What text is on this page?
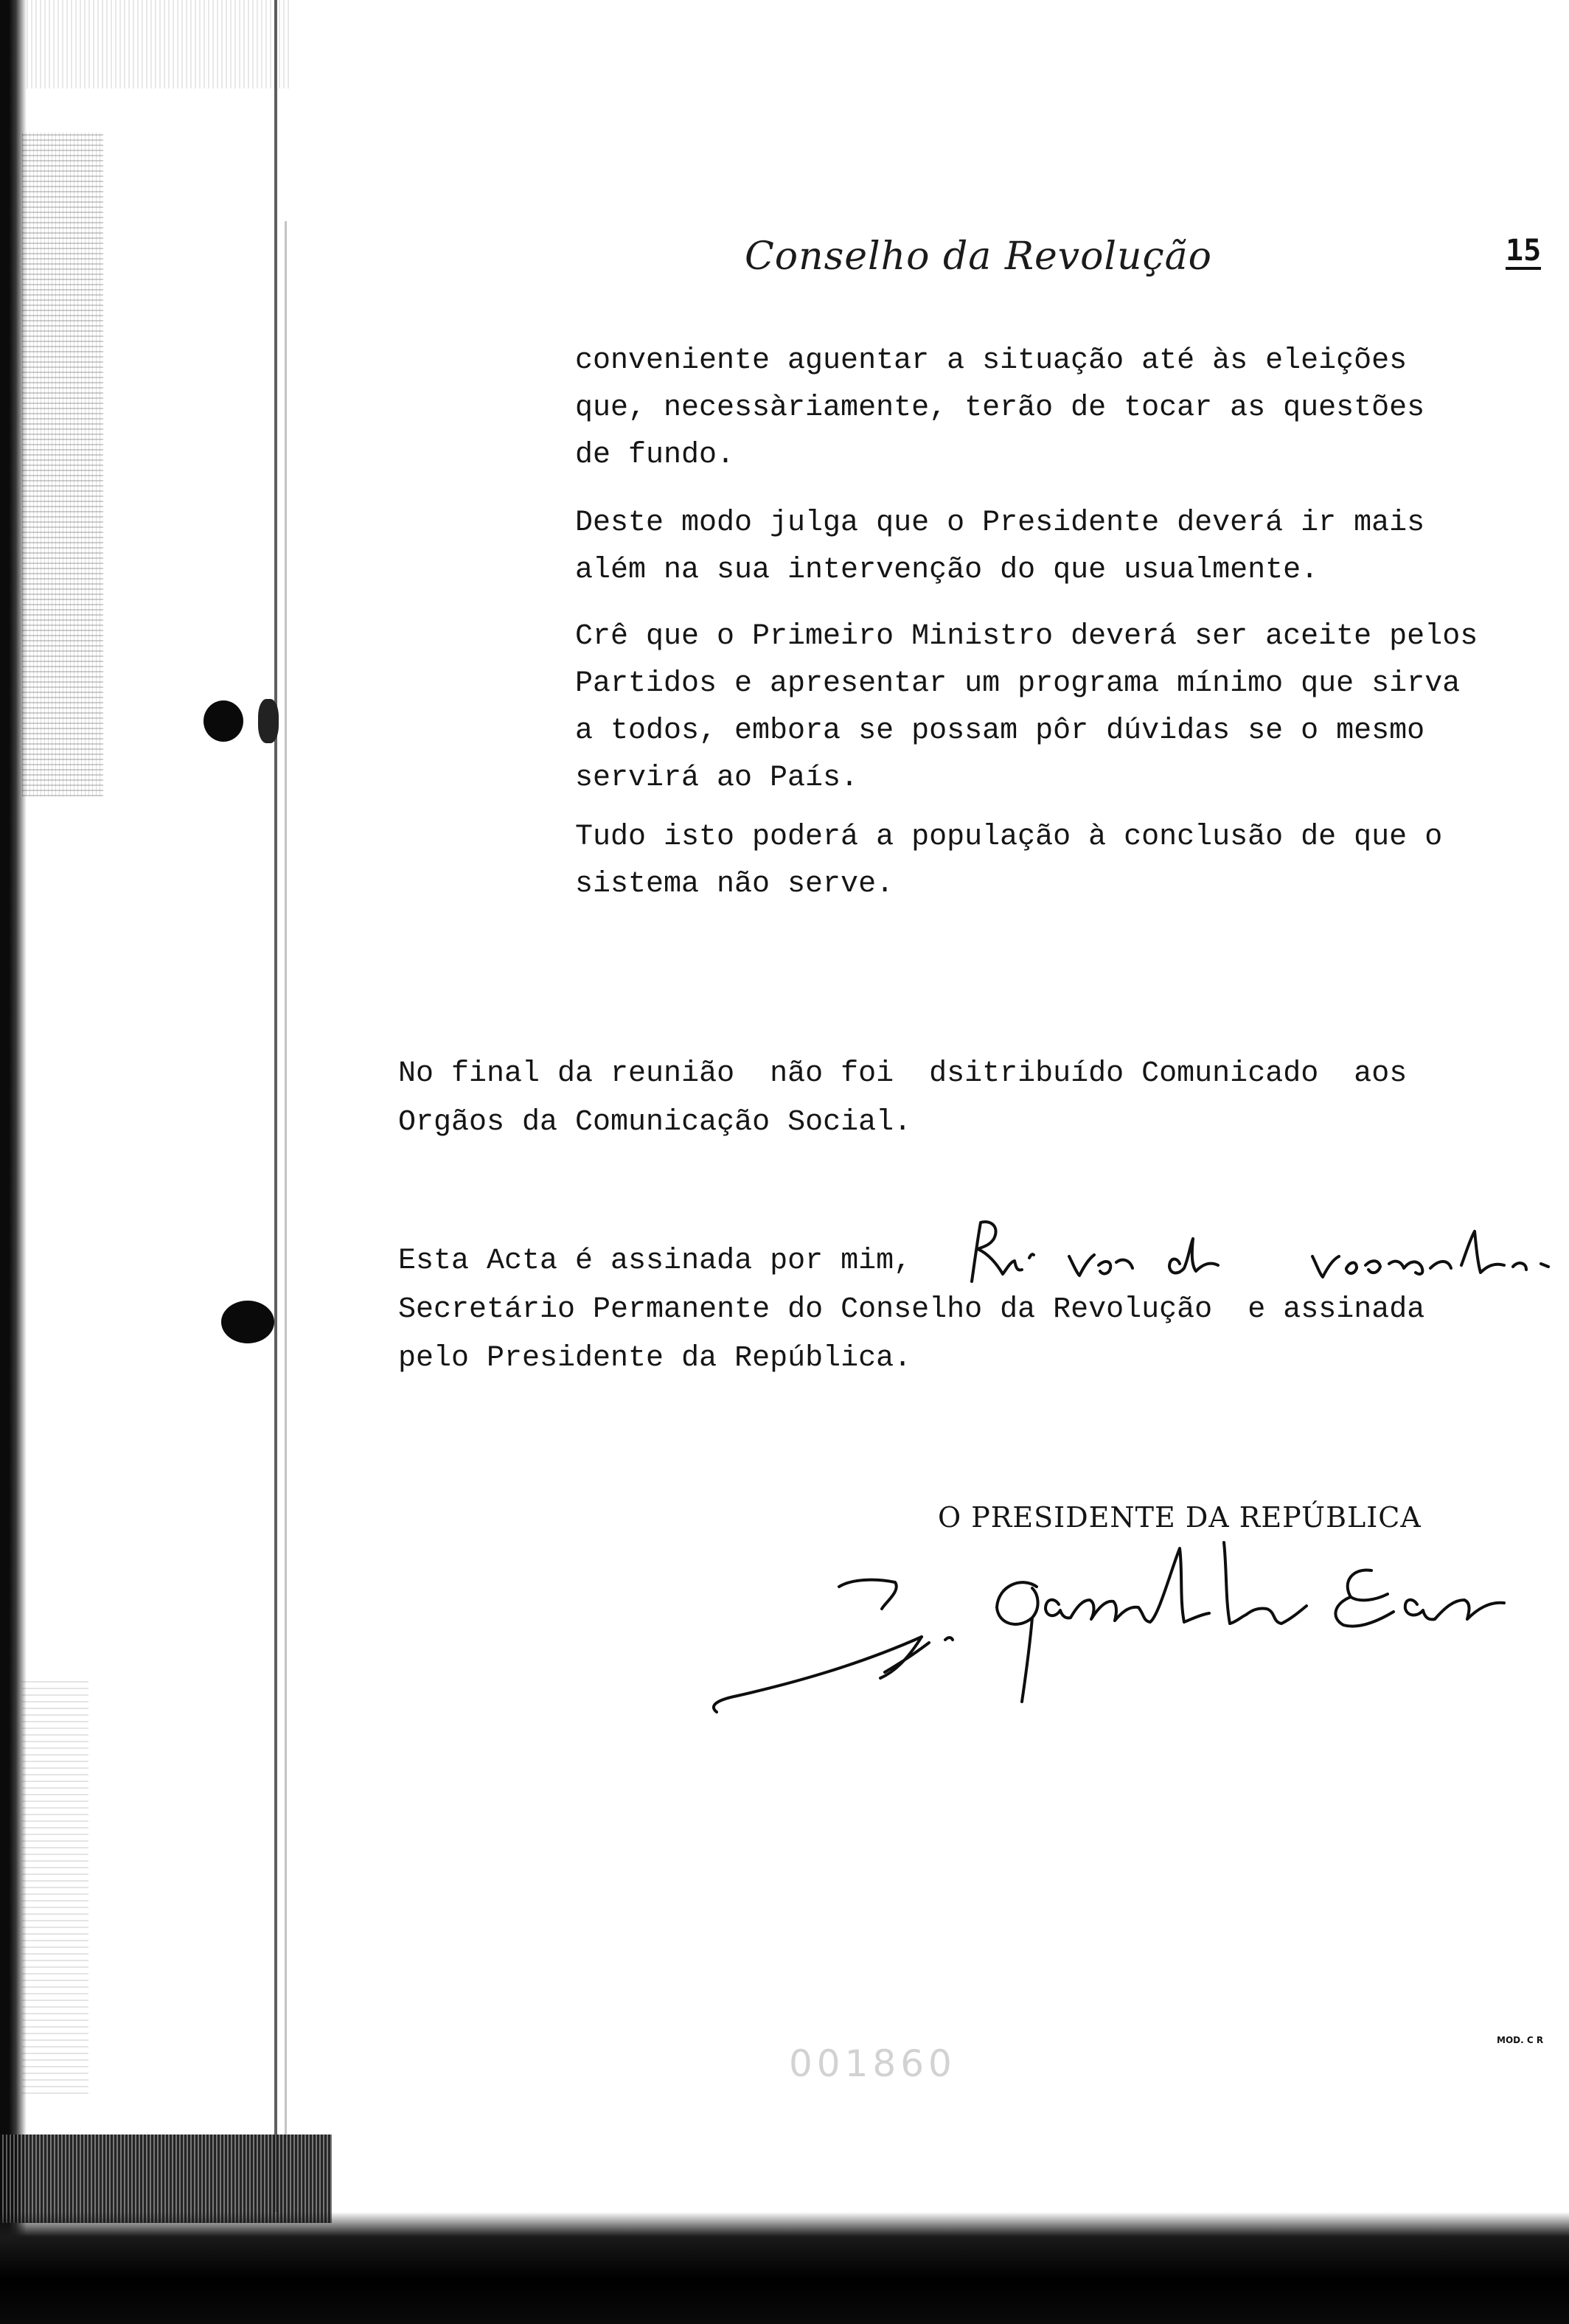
Conselho da Revolução	15
conveniente aguentar a situação até às eleições
que, necessàriamente, terão de tocar as questões
de fundo.
Deste modo julga que o Presidente deverá ir mais
além na sua intervenção do que usualmente.
Crê que o Primeiro Ministro deverá ser aceite pelos
Partidos e apresentar um programa mínimo que sirva
a todos, embora se possam pôr dúvidas se o mesmo
servirá ao País.
Tudo isto poderá a população à conclusão de que o
sistema não serve.
No final da reunião  não foi  dsitribuído Comunicado  aos
Orgãos da Comunicação Social.
Esta Acta é assinada por mim,
Secretário Permanente do Conselho da Revolução  e assinada
pelo Presidente da República.
O PRESIDENTE DA REPÚBLICA
001860
MOD. C R
